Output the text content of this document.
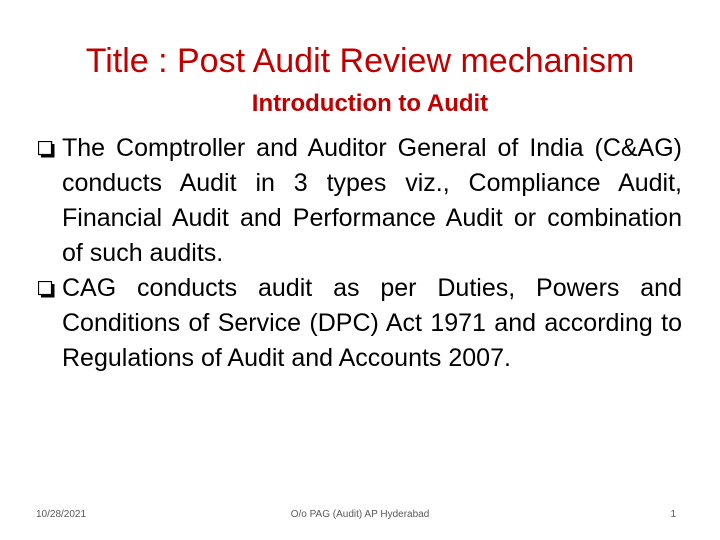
Title : Post Audit Review mechanism
Introduction to Audit
The Comptroller and Auditor General of India (C&AG) conducts Audit in 3 types viz., Compliance Audit, Financial Audit and Performance Audit or combination of such audits.
CAG conducts audit as per Duties, Powers and Conditions of Service (DPC) Act 1971 and according to Regulations of Audit and Accounts 2007.
10/28/2021	O/o PAG (Audit) AP Hyderabad	1
